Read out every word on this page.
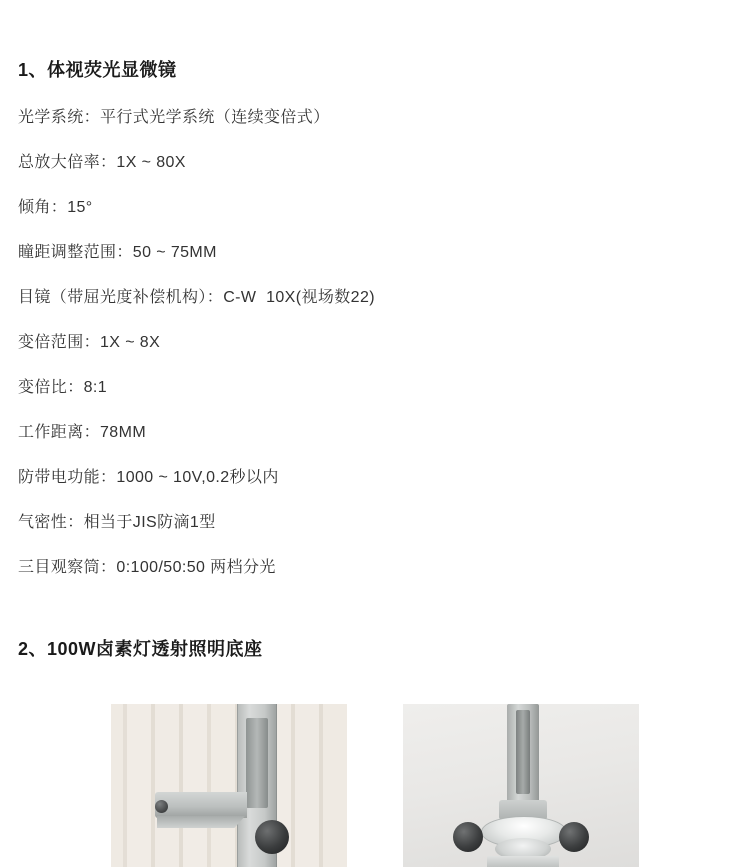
1、体视荧光显微镜
光学系统：平行式光学系统（连续变倍式）
总放大倍率：1X ~ 80X
倾角：15°
瞳距调整范围：50 ~ 75MM
目镜（带屈光度补偿机构）：C-W  10X(视场数22)
变倍范围：1X ~ 8X
变倍比：8:1
工作距离：78MM
防带电功能：1000 ~ 10V,0.2秒以内
气密性：相当于JIS防滴1型
三目观察筒：0:100/50:50 两档分光
2、100W卤素灯透射照明底座
